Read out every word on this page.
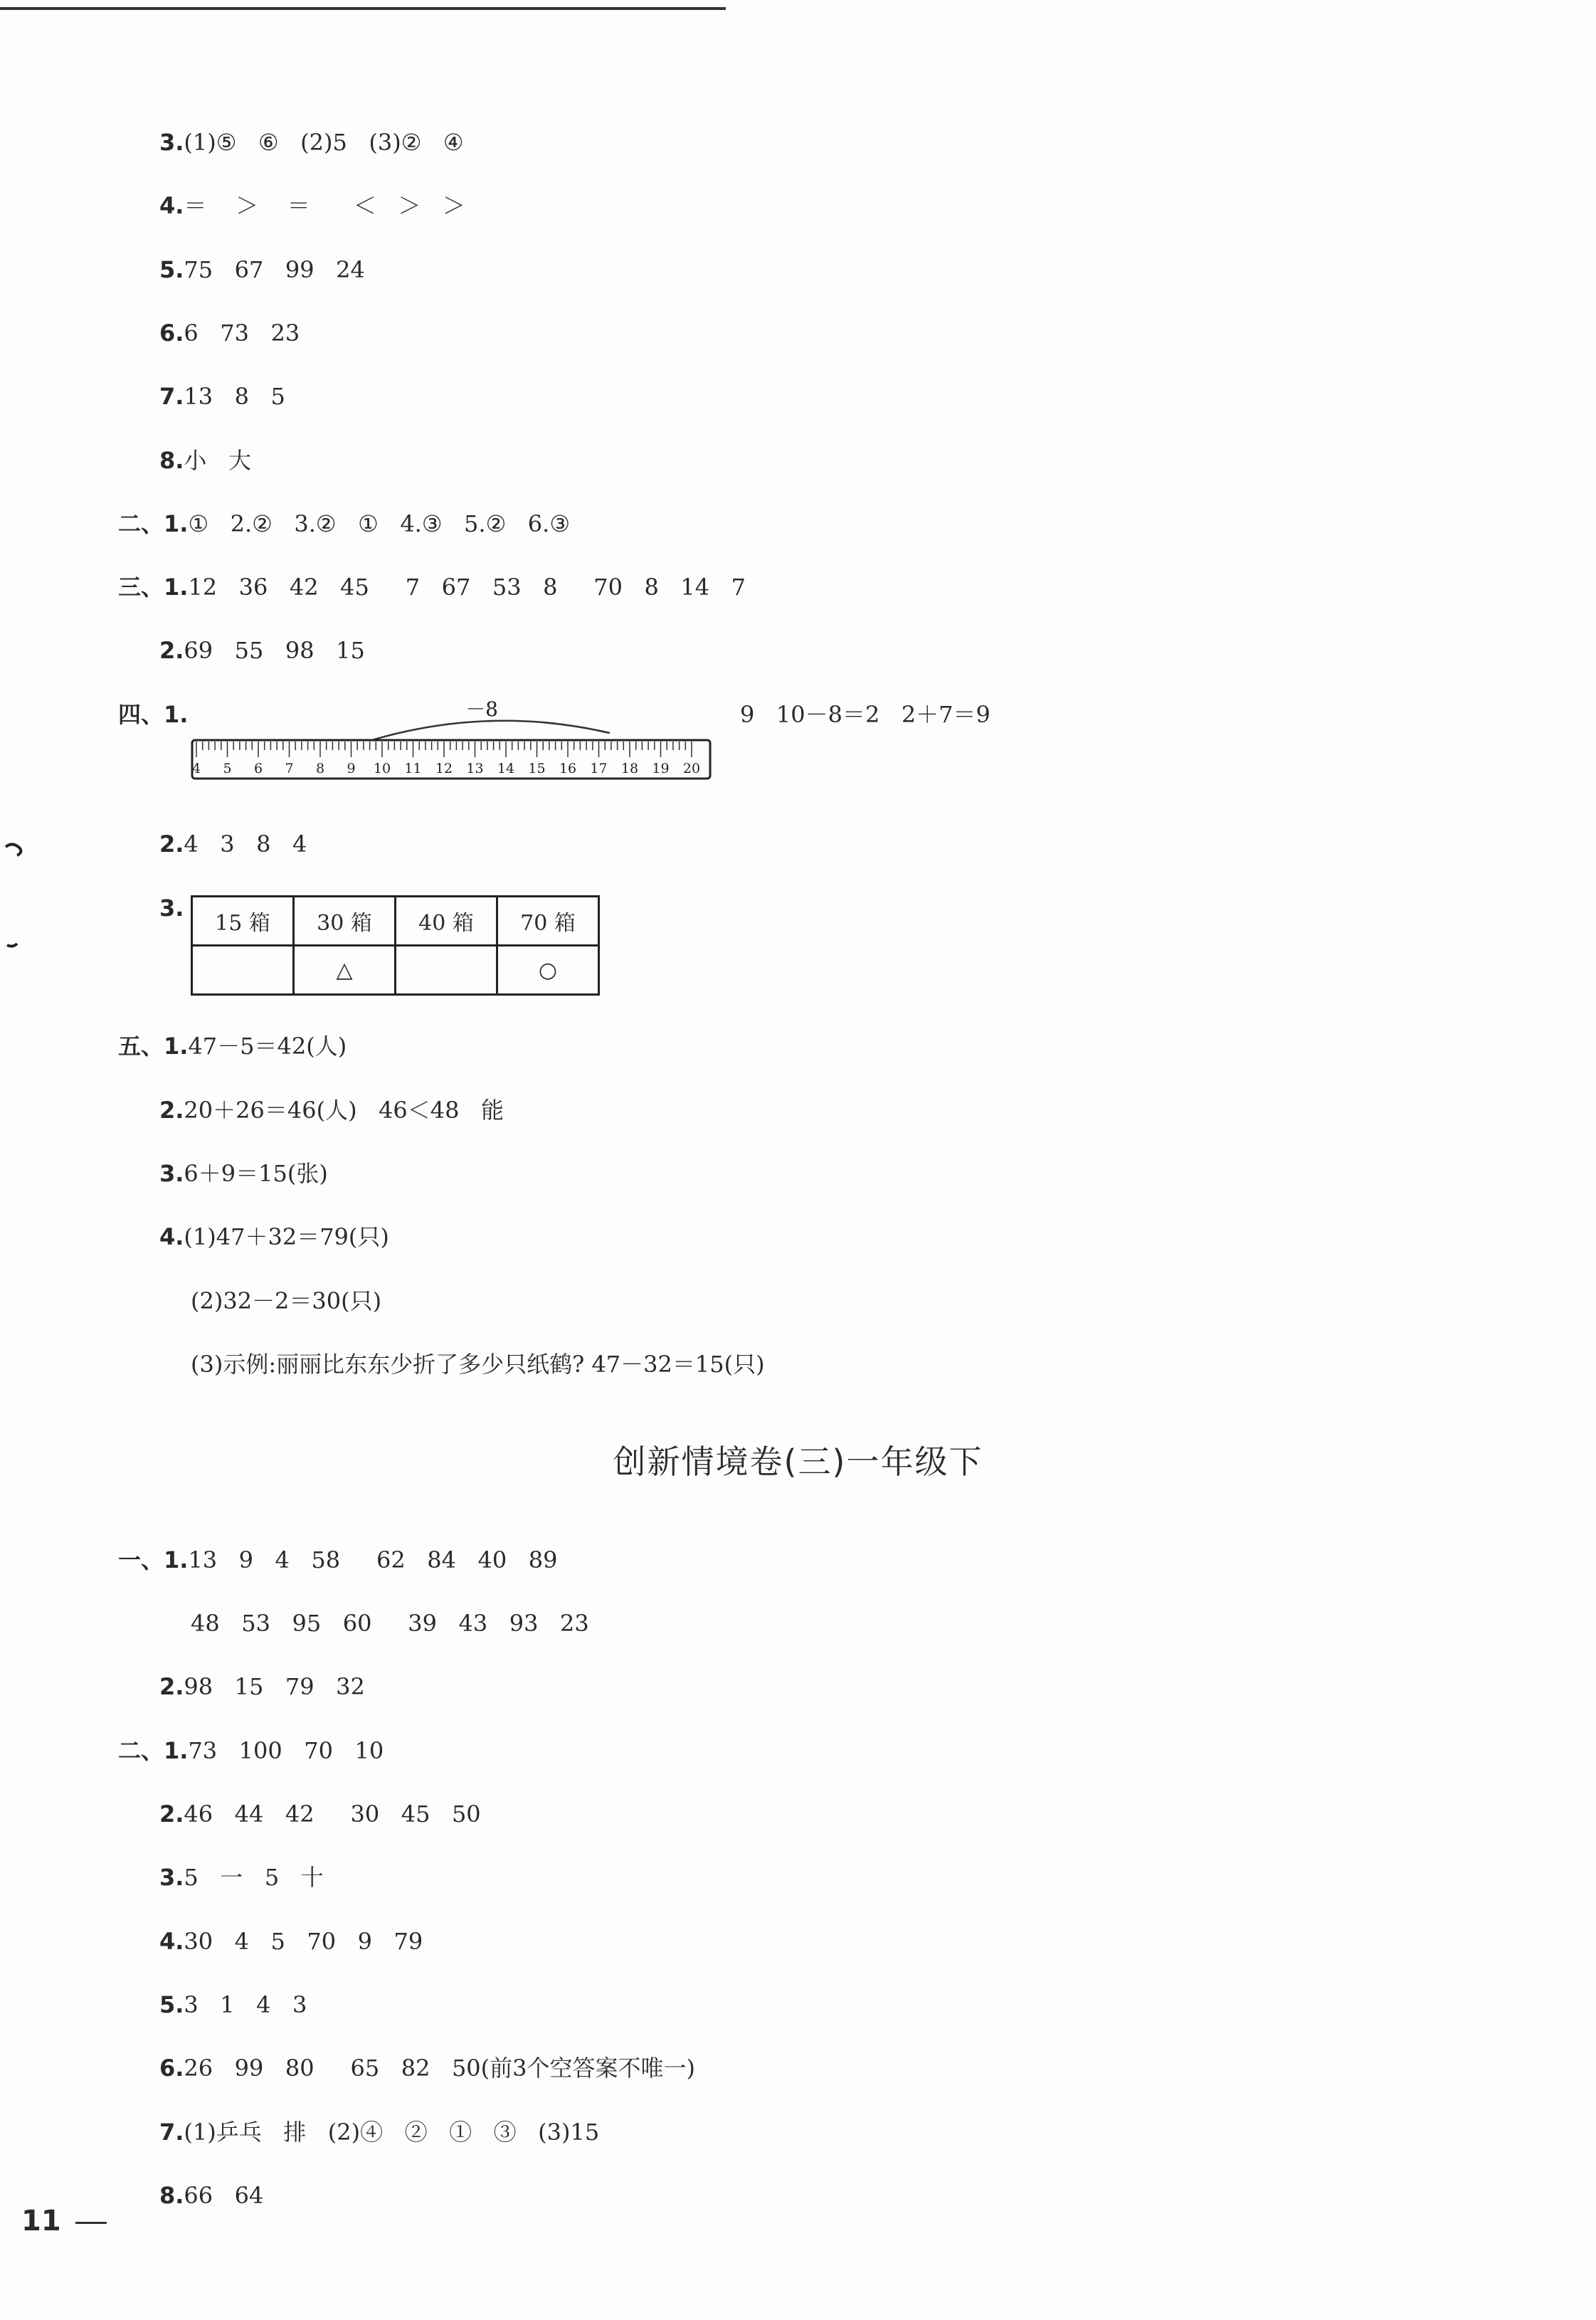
3.(1)⑤   ⑥   (2)5   (3)②   ④
4.＝    ＞    ＝      ＜   ＞   ＞
5.75   67   99   24
6.6   73   23
7.13   8   5
8.小   大
二、1.①   2.②   3.②   ①   4.③   5.②   6.③
三、1.12   36   42   45     7   67   53   8     70   8   14   7
2.69   55   98   15
四、1.	9   10－8＝2   2＋7＝9
2.4   3   8   4
3.
五、1.47－5＝42(人)
2.20＋26＝46(人)   46＜48   能
3.6＋9＝15(张)
4.(1)47＋32＝79(只)
(2)32－2＝30(只)
(3)示例:丽丽比东东少折了多少只纸鹤? 47－32＝15(只)
一、1.13   9   4   58     62   84   40   89
48   53   95   60     39   43   93   23
2.98   15   79   32
二、1.73   100   70   10
2.46   44   42     30   45   50
3.5   一   5   十
4.30   4   5   70   9   79
5.3   1   4   3
6.26   99   80     65   82   50(前3个空答案不唯一)
7.(1)乒乓   排   (2)④   ②   ①   ③   (3)15
8.66   64
－8
4 5 6 7 8 9 10 11 12 13 14 15 16 17 18 19 20
15 箱	30 箱	40 箱	70 箱
	△		○
创新情境卷(三)一年级下
11
